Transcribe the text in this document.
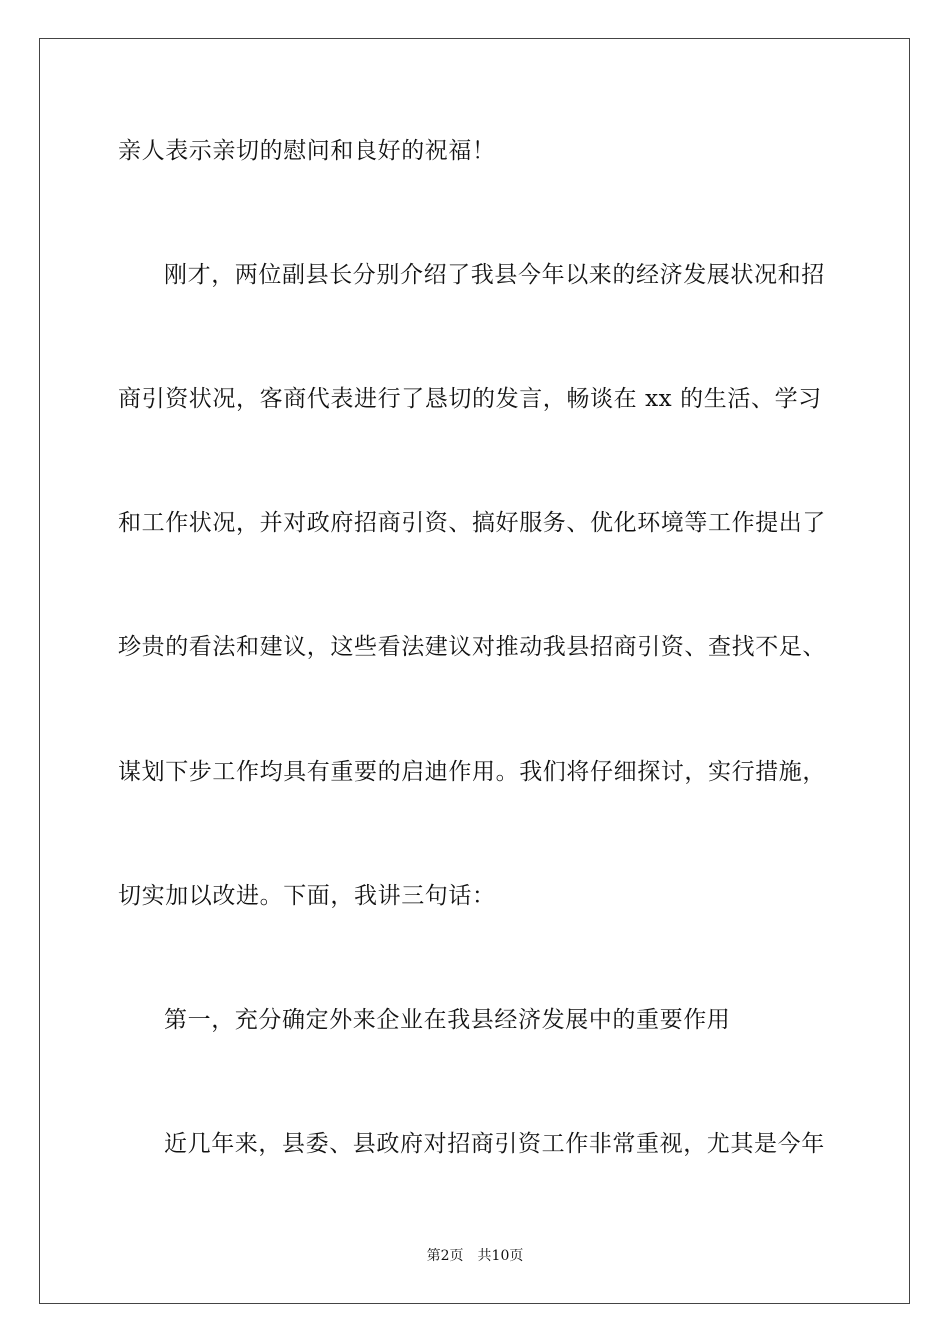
亲人表示亲切的慰问和良好的祝福！
刚才，两位副县长分别介绍了我县今年以来的经济发展状况和招
商引资状况，客商代表进行了恳切的发言，畅谈在 xx 的生活、学习
和工作状况，并对政府招商引资、搞好服务、优化环境等工作提出了
珍贵的看法和建议，这些看法建议对推动我县招商引资、查找不足、
谋划下步工作均具有重要的启迪作用。我们将仔细探讨，实行措施，
切实加以改进。下面，我讲三句话：
第一，充分确定外来企业在我县经济发展中的重要作用
近几年来，县委、县政府对招商引资工作非常重视，尤其是今年
第2页 共10页
